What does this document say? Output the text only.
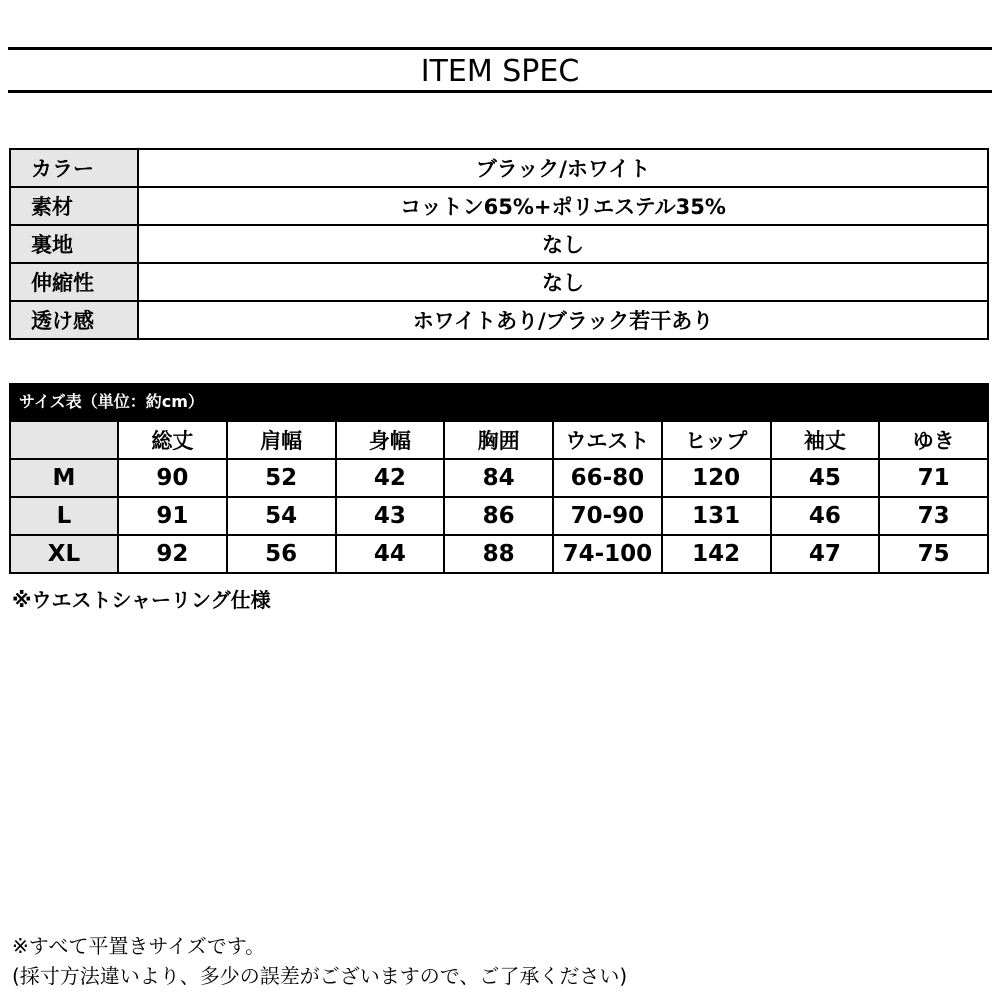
ITEM SPEC
カラー	ブラック/ホワイト
素材	コットン65%+ポリエステル35%
裏地	なし
伸縮性	なし
透け感	ホワイトあり/ブラック若干あり
サイズ表（単位：約cm）
	総丈	肩幅	身幅	胸囲	ウエスト	ヒップ	袖丈	ゆき
M	90	52	42	84	66-80	120	45	71
L	91	54	43	86	70-90	131	46	73
XL	92	56	44	88	74-100	142	47	75
※ウエストシャーリング仕様
※すべて平置きサイズです。
(採寸方法違いより、多少の誤差がございますので、ご了承ください)
